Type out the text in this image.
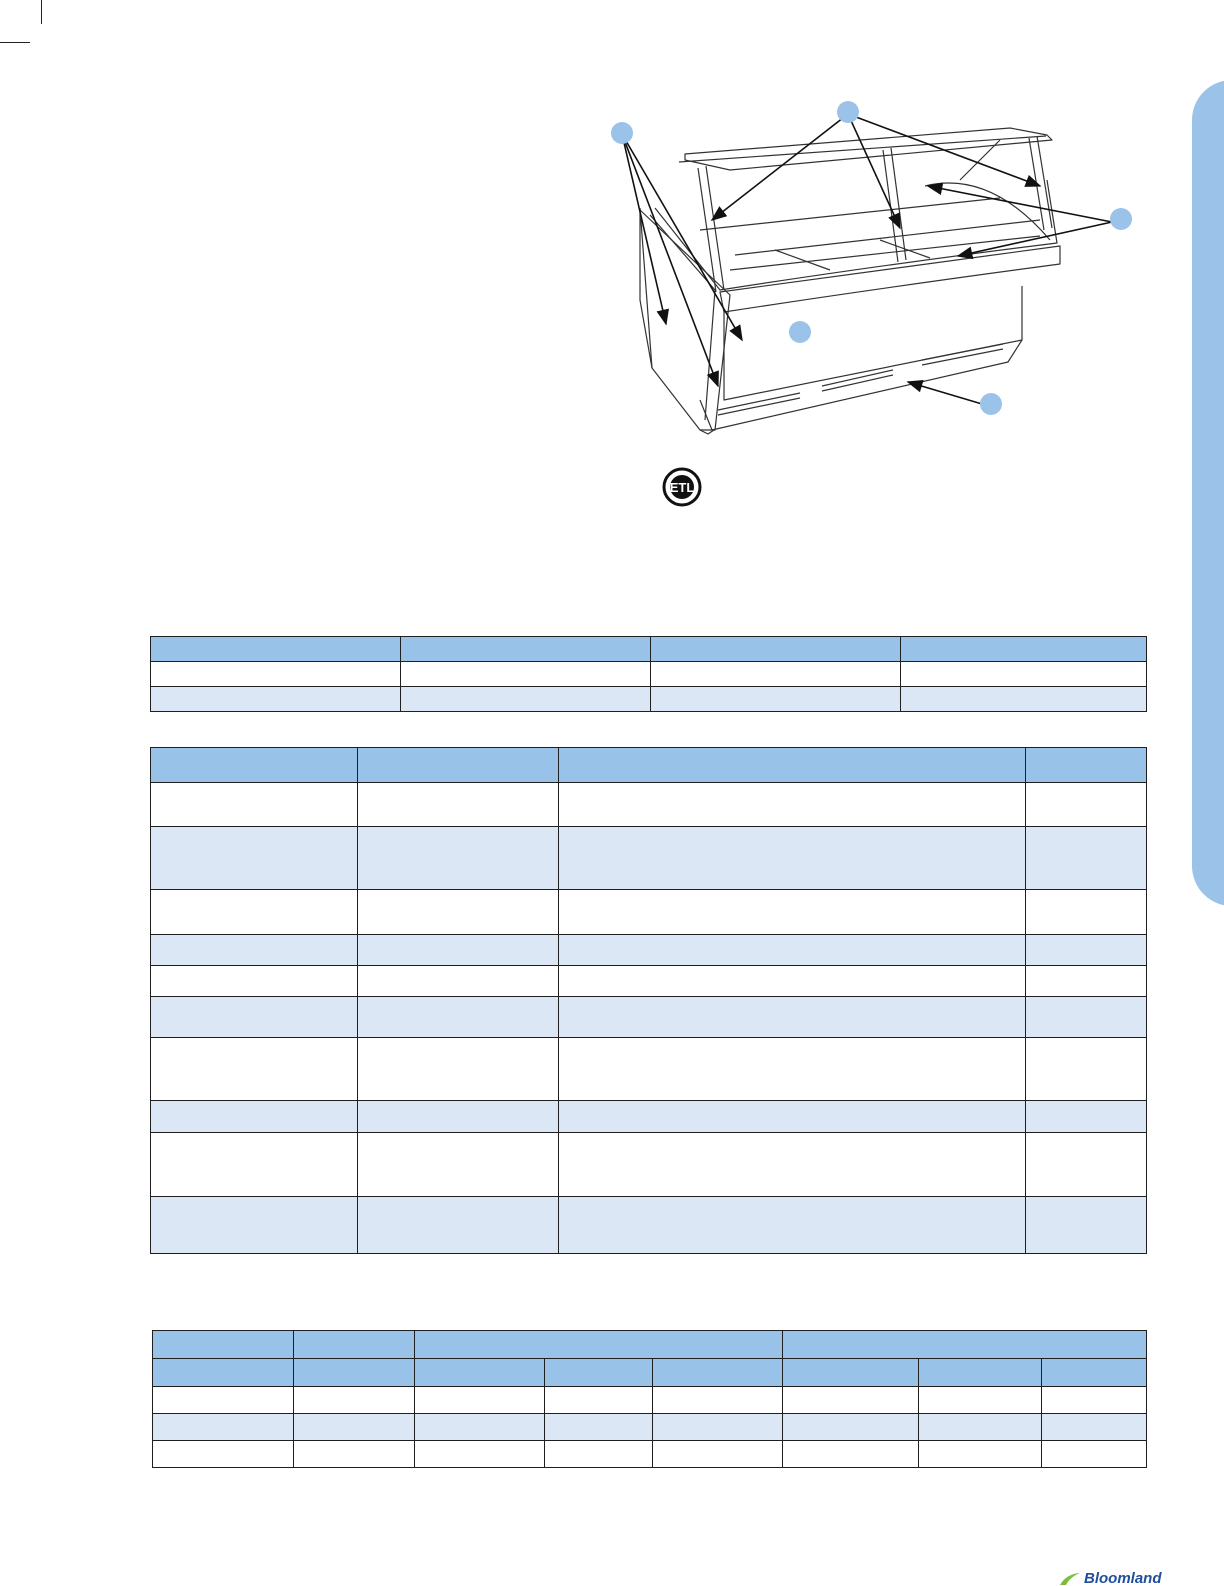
ETL

Bloomland
